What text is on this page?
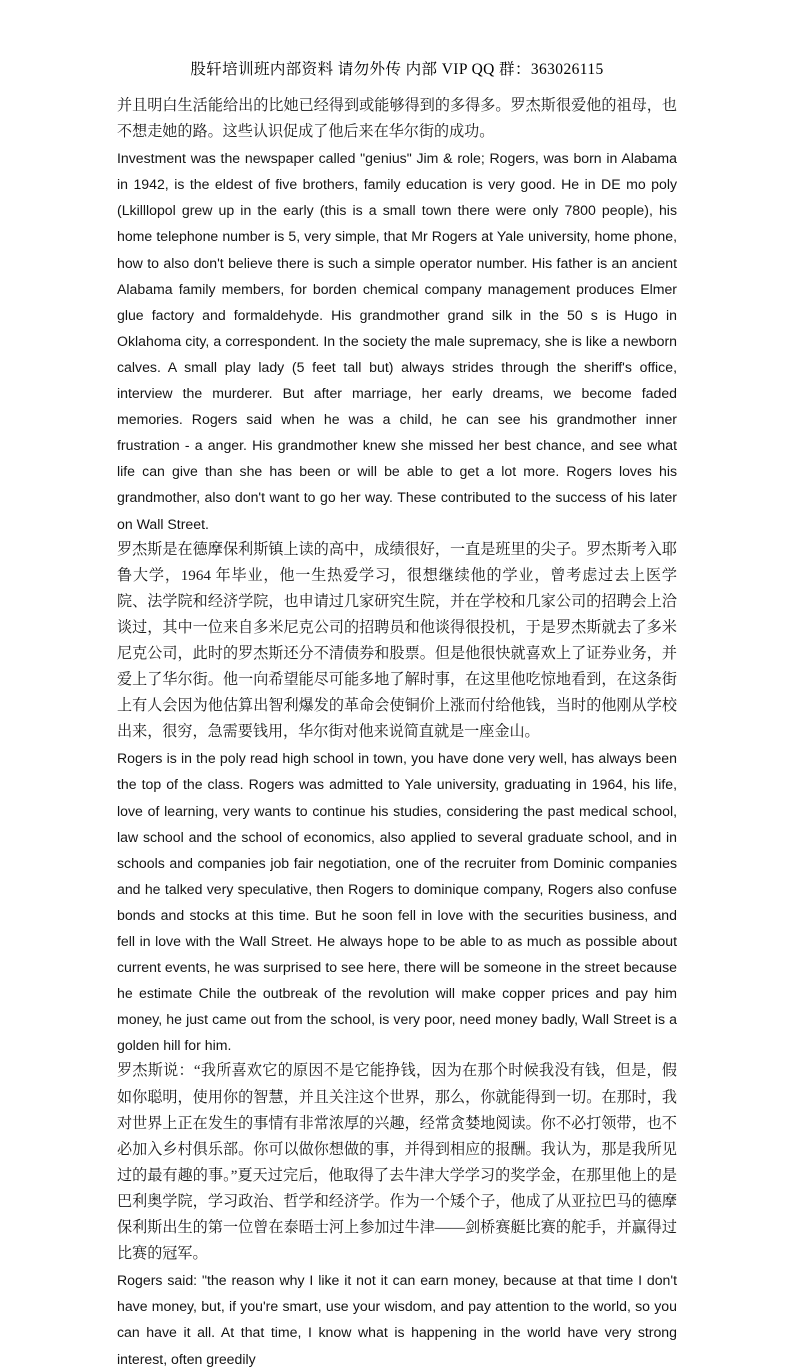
股轩培训班内部资料 请勿外传 内部 VIP QQ 群：363026115

并且明白生活能给出的比她已经得到或能够得到的多得多。罗杰斯很爱他的祖母，也不想走她的路。这些认识促成了他后来在华尔街的成功。

Investment was the newspaper called "genius" Jim & role; Rogers, was born in Alabama in 1942, is the eldest of five brothers, family education is very good. He in DE mo poly (Lkilllopol grew up in the early (this is a small town there were only 7800 people), his home telephone number is 5, very simple, that Mr Rogers at Yale university, home phone, how to also don't believe there is such a simple operator number. His father is an ancient Alabama family members, for borden chemical company management produces Elmer glue factory and formaldehyde. His grandmother grand silk in the 50 s is Hugo in Oklahoma city, a correspondent. In the society the male supremacy, she is like a newborn calves. A small play lady (5 feet tall but) always strides through the sheriff's office, interview the murderer. But after marriage, her early dreams, we become faded memories. Rogers said when he was a child, he can see his grandmother inner frustration - a anger. His grandmother knew she missed her best chance, and see what life can give than she has been or will be able to get a lot more. Rogers loves his grandmother, also don't want to go her way. These contributed to the success of his later on Wall Street.

罗杰斯是在德摩保利斯镇上读的高中，成绩很好，一直是班里的尖子。罗杰斯考入耶鲁大学，1964 年毕业，他一生热爱学习，很想继续他的学业，曾考虑过去上医学院、法学院和经济学院，也申请过几家研究生院，并在学校和几家公司的招聘会上洽谈过，其中一位来自多米尼克公司的招聘员和他谈得很投机，于是罗杰斯就去了多米尼克公司，此时的罗杰斯还分不清债券和股票。但是他很快就喜欢上了证券业务，并爱上了华尔街。他一向希望能尽可能多地了解时事，在这里他吃惊地看到，在这条街上有人会因为他估算出智利爆发的革命会使铜价上涨而付给他钱，当时的他刚从学校出来，很穷，急需要钱用，华尔街对他来说简直就是一座金山。

Rogers is in the poly read high school in town, you have done very well, has always been the top of the class. Rogers was admitted to Yale university, graduating in 1964, his life, love of learning, very wants to continue his studies, considering the past medical school, law school and the school of economics, also applied to several graduate school, and in schools and companies job fair negotiation, one of the recruiter from Dominic companies and he talked very speculative, then Rogers to dominique company, Rogers also confuse bonds and stocks at this time. But he soon fell in love with the securities business, and fell in love with the Wall Street. He always hope to be able to as much as possible about current events, he was surprised to see here, there will be someone in the street because he estimate Chile the outbreak of the revolution will make copper prices and pay him money, he just came out from the school, is very poor, need money badly, Wall Street is a golden hill for him.

罗杰斯说：“我所喜欢它的原因不是它能挣钱，因为在那个时候我没有钱，但是，假如你聪明，使用你的智慧，并且关注这个世界，那么，你就能得到一切。在那时，我对世界上正在发生的事情有非常浓厚的兴趣，经常贪婪地阅读。你不必打领带，也不必加入乡村俱乐部。你可以做你想做的事，并得到相应的报酬。我认为，那是我所见过的最有趣的事。”夏天过完后，他取得了去牛津大学学习的奖学金，在那里他上的是巴利奥学院，学习政治、哲学和经济学。作为一个矮个子，他成了从亚拉巴马的德摩保利斯出生的第一位曾在泰晤士河上参加过牛津——剑桥赛艇比赛的舵手，并赢得过比赛的冠军。

Rogers said: "the reason why I like it not it can earn money, because at that time I don't have money, but, if you're smart, use your wisdom, and pay attention to the world, so you can have it all. At that time, I know what is happening in the world have very strong interest, often greedily
